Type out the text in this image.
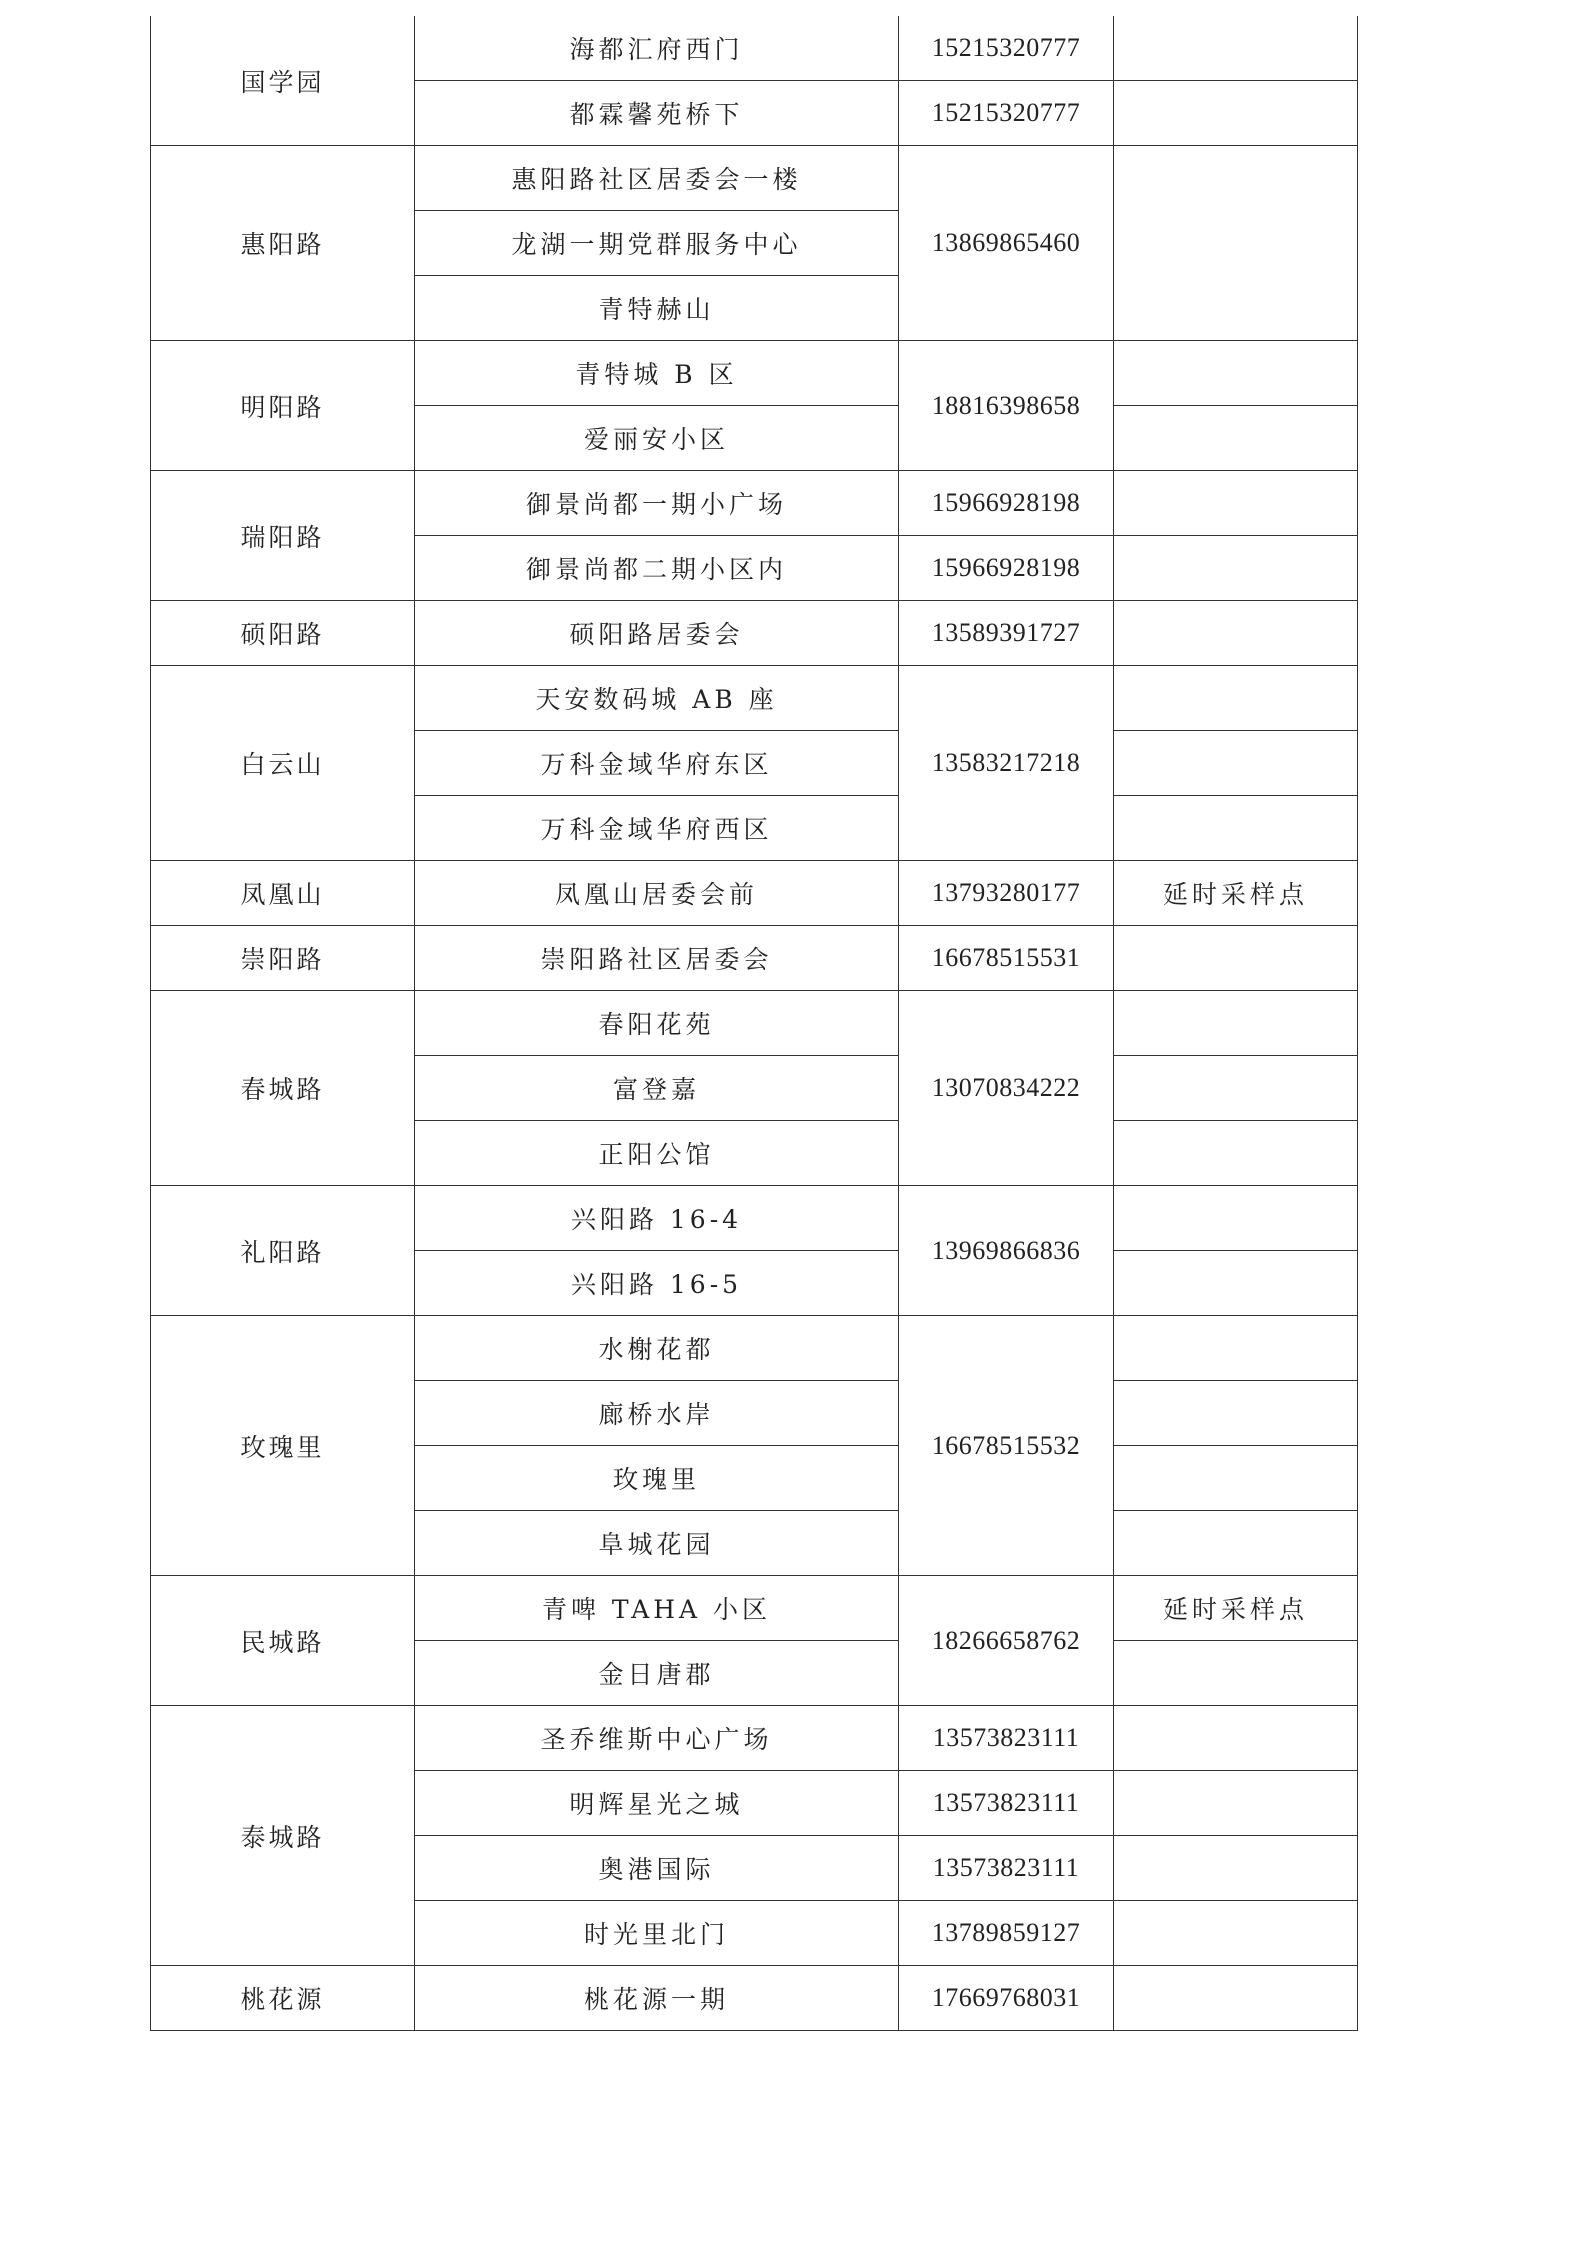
国学园	海都汇府西门	15215320777	
	都霖馨苑桥下	15215320777	
惠阳路	惠阳路社区居委会一楼	13869865460	
	龙湖一期党群服务中心		
	青特赫山		
明阳路	青特城 B 区	18816398658	
	爱丽安小区		
瑞阳路	御景尚都一期小广场	15966928198	
	御景尚都二期小区内	15966928198	
硕阳路	硕阳路居委会	13589391727	
白云山	天安数码城 AB 座	13583217218	
	万科金域华府东区		
	万科金域华府西区		
凤凰山	凤凰山居委会前	13793280177	延时采样点
崇阳路	崇阳路社区居委会	16678515531	
春城路	春阳花苑	13070834222	
	富登嘉		
	正阳公馆		
礼阳路	兴阳路 16-4	13969866836	
	兴阳路 16-5		
玫瑰里	水榭花都	16678515532	
	廊桥水岸		
	玫瑰里		
	阜城花园		
民城路	青啤 TAHA 小区	18266658762	延时采样点
	金日唐郡		
泰城路	圣乔维斯中心广场	13573823111	
	明辉星光之城	13573823111	
	奥港国际	13573823111	
	时光里北门	13789859127	
桃花源	桃花源一期	17669768031	
